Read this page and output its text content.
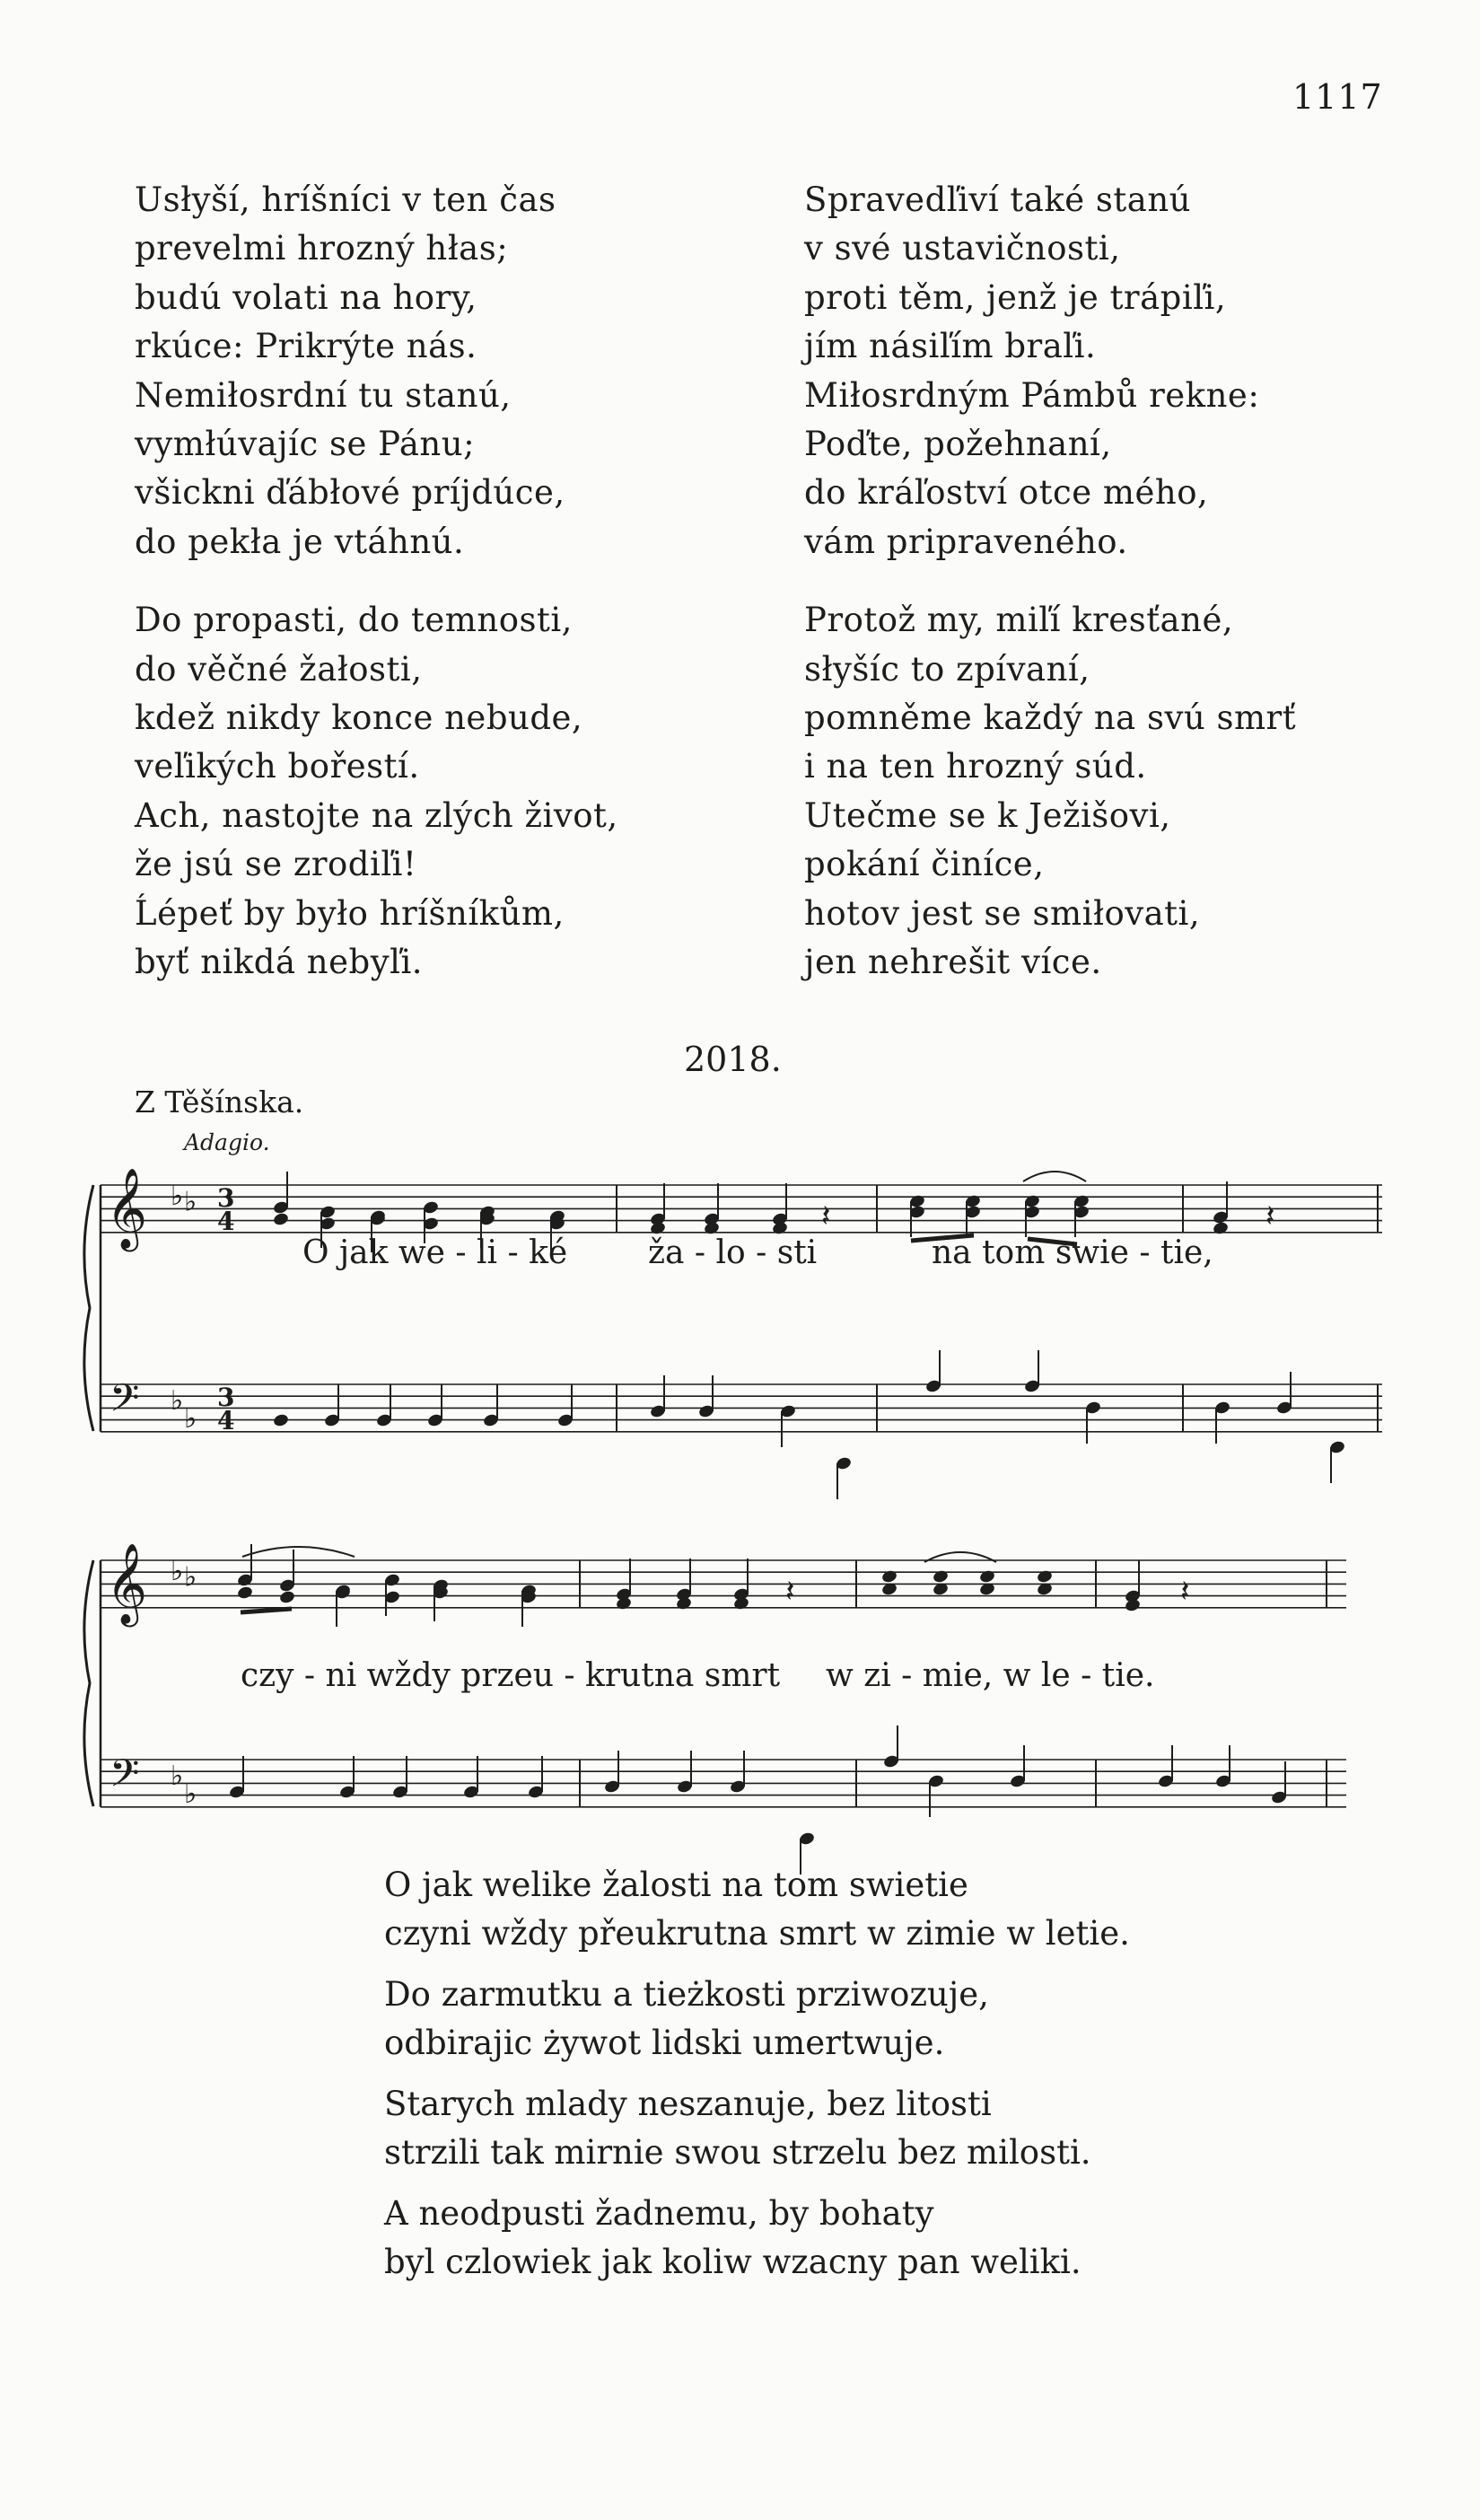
1117
Usłyší, hríšníci v ten čas
prevelmi hrozný hłas;
budú volati na hory,
rkúce: Prikrýte nás.
Nemiłosrdní tu stanú,
vymłúvajíc se Pánu;
všickni ďábłové príjdúce,
do pekła je vtáhnú.
Do propasti, do temnosti,
do věčné žałosti,
kdež nikdy konce nebude,
veľikých bořestí.
Ach, nastojte na zlých život,
že jsú se zrodiľi!
Ĺépeť by było hríšníkům,
byť nikdá nebyľi.
Spravedľiví také stanú
v své ustavičnosti,
proti těm, jenž je trápiľi,
jím násiľím braľi.
Miłosrdným Pámbů rekne:
Poďte, požehnaní,
do kráľoství otce mého,
vám pripraveného.
Protož my, miľí kresťané,
słyšíc to zpívaní,
pomněme každý na svú smrť
i na ten hrozný súd.
Utečme se k Ježišovi,
pokání činíce,
hotov jest se smiłovati,
jen nehrešit více.
2018.
Z Těšínska.
Adagio.
𝄞
𝄢
♭ ♭
♭
♭
3
4
3
4
𝄽	𝄽
𝄞
𝄢
♭ ♭
♭
♭
𝄽	𝄽
O jak we - li - ké ža - lo - sti	na tom swie - tie,
czy - ni wždy przeu - krutna smrt w zi - mie, w le - tie.
O jak welike žalosti na tom swietie
czyni wždy přeukrutna smrt w zimie w letie.
Do zarmutku a tieżkosti prziwozuje,
odbirajic żywot lidski umertwuje.
Starych mlady neszanuje, bez litosti
strzili tak mirnie swou strzelu bez milosti.
A neodpusti žadnemu, by bohaty
byl czlowiek jak koliw wzacny pan weliki.
